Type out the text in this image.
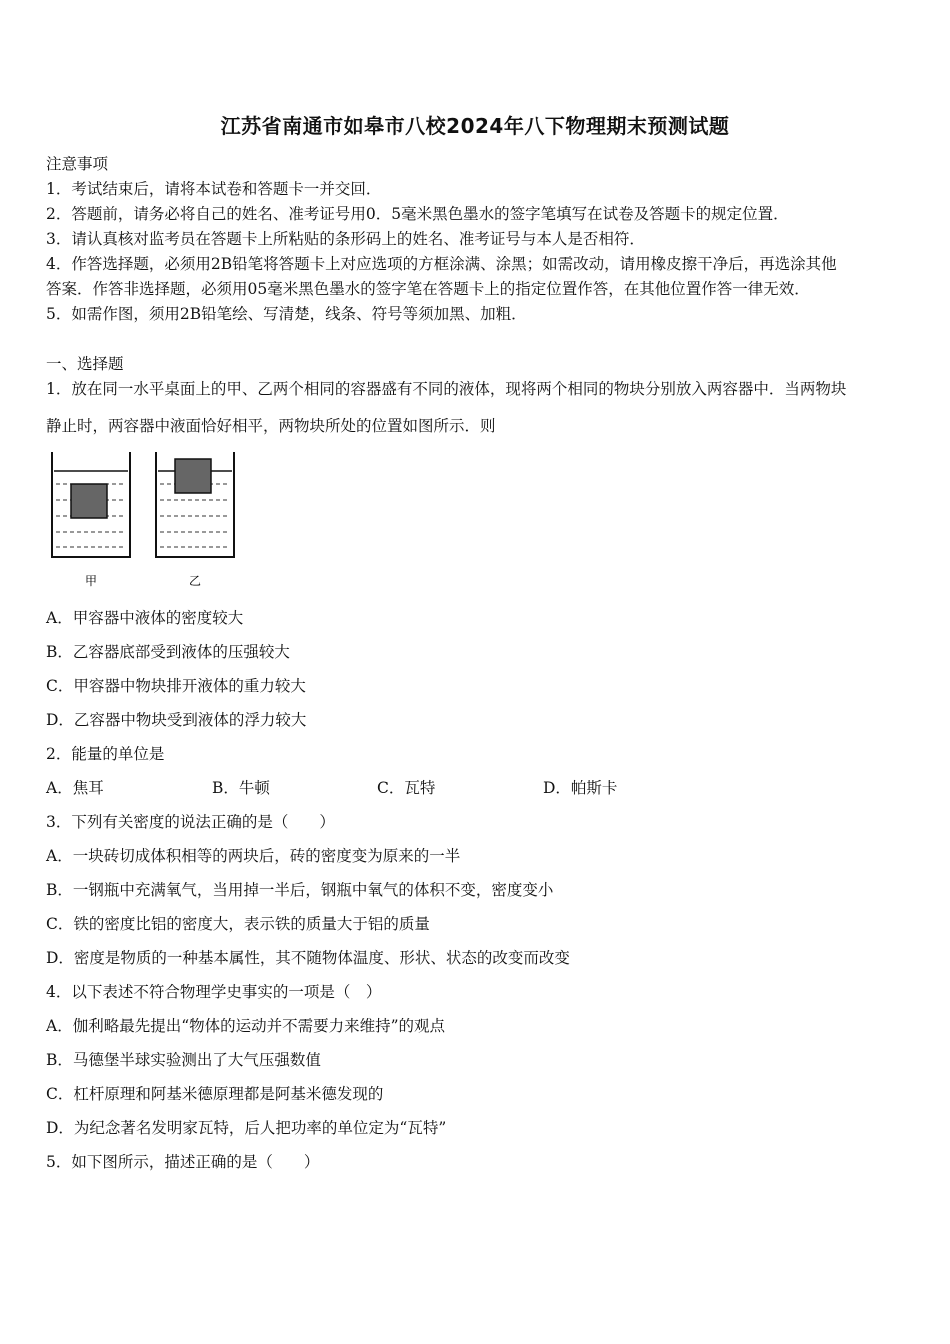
江苏省南通市如皋市八校2024年八下物理期末预测试题
注意事项
1．考试结束后，请将本试卷和答题卡一并交回．
2．答题前，请务必将自己的姓名、准考证号用0．5毫米黑色墨水的签字笔填写在试卷及答题卡的规定位置．
3．请认真核对监考员在答题卡上所粘贴的条形码上的姓名、准考证号与本人是否相符．
4．作答选择题，必须用2B铅笔将答题卡上对应选项的方框涂满、涂黑；如需改动，请用橡皮擦干净后，再选涂其他
答案．作答非选择题，必须用05毫米黑色墨水的签字笔在答题卡上的指定位置作答，在其他位置作答一律无效．
5．如需作图，须用2B铅笔绘、写清楚，线条、符号等须加黑、加粗．
一、选择题
1．放在同一水平桌面上的甲、乙两个相同的容器盛有不同的液体，现将两个相同的物块分别放入两容器中．当两物块
静止时，两容器中液面恰好相平，两物块所处的位置如图所示．则
甲	乙
A．甲容器中液体的密度较大
B．乙容器底部受到液体的压强较大
C．甲容器中物块排开液体的重力较大
D．乙容器中物块受到液体的浮力较大
2．能量的单位是
A．焦耳	B．牛顿	C．瓦特	D．帕斯卡
3．下列有关密度的说法正确的是（　　）
A．一块砖切成体积相等的两块后，砖的密度变为原来的一半
B．一钢瓶中充满氧气，当用掉一半后，钢瓶中氧气的体积不变，密度变小
C．铁的密度比铝的密度大，表示铁的质量大于铝的质量
D．密度是物质的一种基本属性，其不随物体温度、形状、状态的改变而改变
4．以下表述不符合物理学史事实的一项是（　）
A．伽利略最先提出“物体的运动并不需要力来维持”的观点
B．马德堡半球实验测出了大气压强数值
C．杠杆原理和阿基米德原理都是阿基米德发现的
D．为纪念著名发明家瓦特，后人把功率的单位定为“瓦特”
5．如下图所示，描述正确的是（　　）
